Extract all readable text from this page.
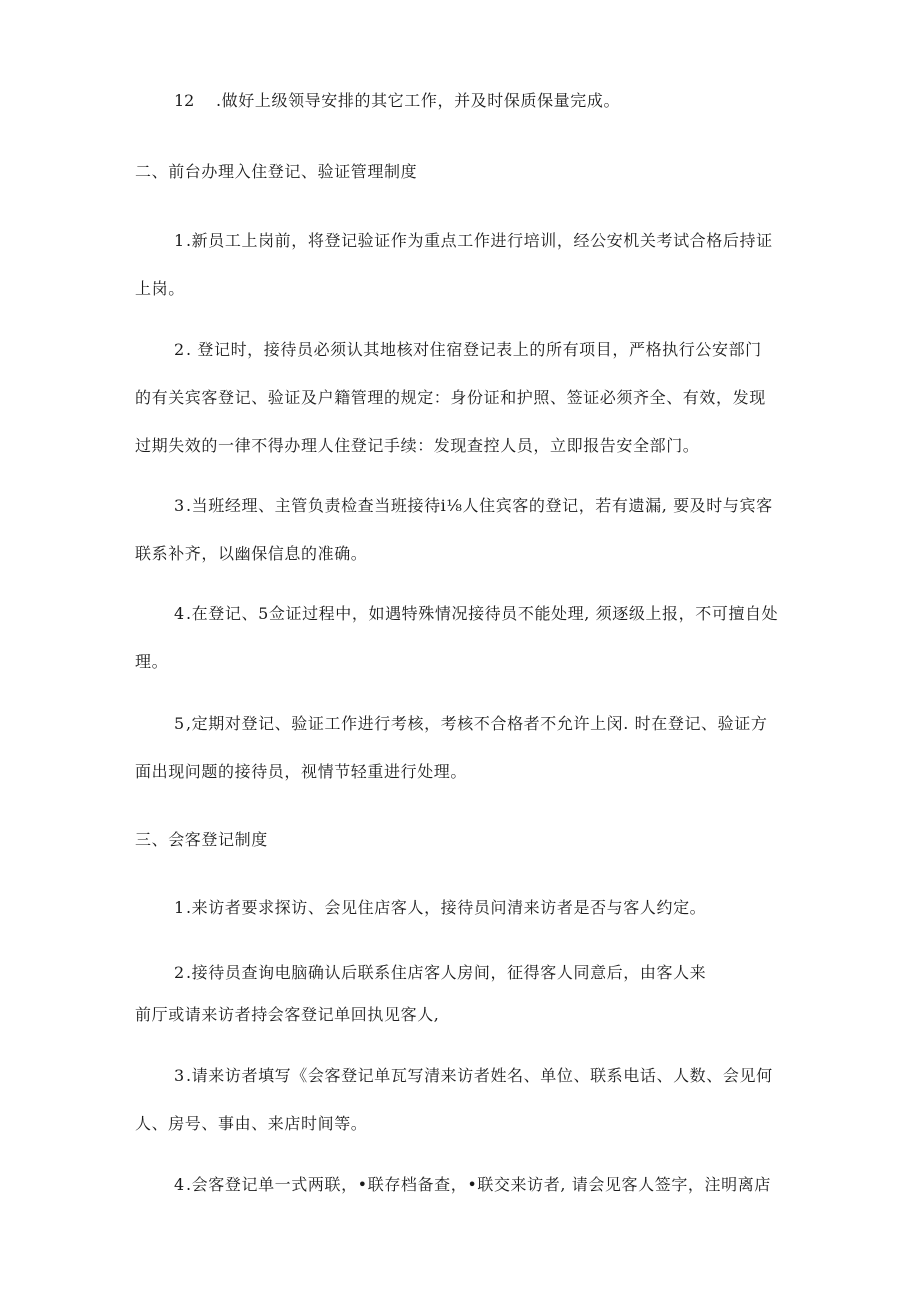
12 .做好上级领导安排的其它工作，并及时保质保量完成。
二、前台办理入住登记、验证管理制度
1 .新员工上岗前，将登记验证作为重点工作进行培训，经公安机关考试合格后持证
上岗。
2 . 登记时，接待员必须认其地核对住宿登记表上的所有项目，严格执行公安部门
的有关宾客登记、验证及户籍管理的规定：身份证和护照、签证必须齐全、有效，发现
过期失效的一律不得办理人住登记手续：发现查控人员，立即报告安全部门。
3 .当班经理、主管负责检查当班接待i⅛人住宾客的登记，若有遗漏, 要及时与宾客
联系补齐，以幽保信息的准确。
4 .在登记、5佥证过程中，如遇特殊情况接待员不能处理, 须逐级上报，不可擅自处
理。
5 ,定期对登记、验证工作进行考核，考核不合格者不允许上闵. 时在登记、验证方
面出现问题的接待员，视情节轻重进行处理。
三、会客登记制度
1 .来访者要求探访、会见住店客人，接待员问清来访者是否与客人约定。
2 .接待员查询电脑确认后联系住店客人房间，征得客人同意后，由客人来
前厅或请来访者持会客登记单回执见客人,
3 .请来访者填写《会客登记单瓦写清来访者姓名、单位、联系电话、人数、会见何
人、房号、事由、来店时间等。
4 .会客登记单一式两联，•联存档备查，•联交来访者, 请会见客人签字，注明离店
